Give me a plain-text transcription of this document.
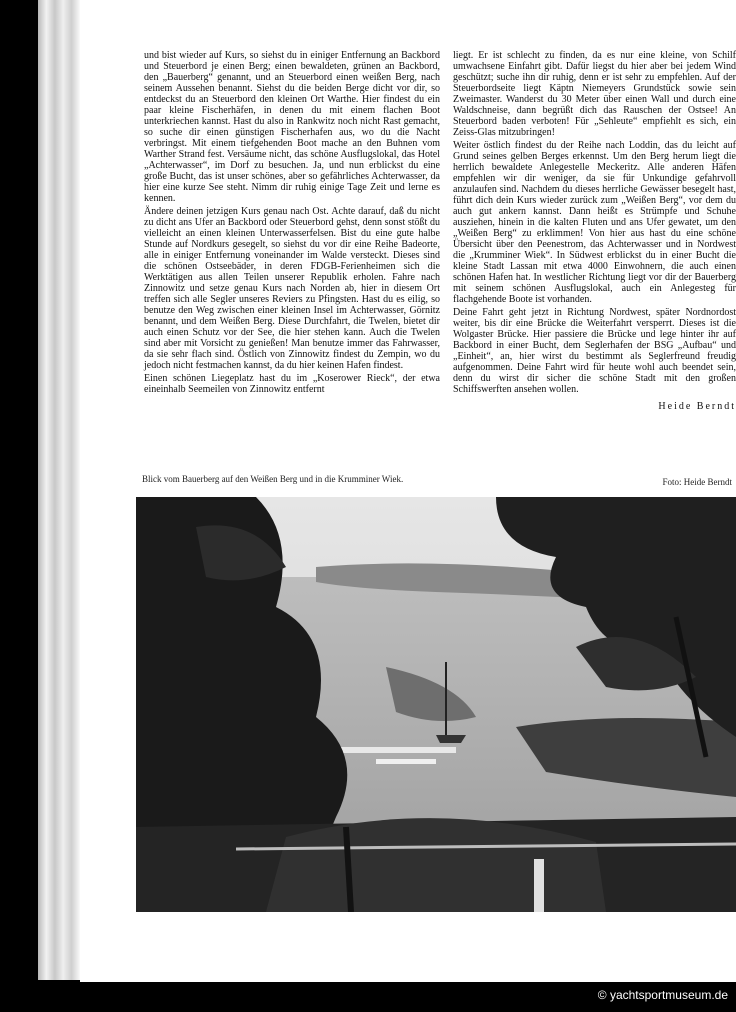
und bist wieder auf Kurs, so siehst du in einiger Entfernung an Backbord und Steuerbord je einen Berg; einen bewaldeten, grünen an Backbord, den „Bauerberg“ genannt, und an Steuerbord einen weißen Berg, nach seinem Aussehen benannt. Siehst du die beiden Berge dicht vor dir, so entdeckst du an Steuerbord den kleinen Ort Warthe. Hier findest du ein paar kleine Fischerhäfen, in denen du mit einem flachen Boot unterkriechen kannst. Hast du also in Rankwitz noch nicht Rast gemacht, so suche dir einen günstigen Fischerhafen aus, wo du die Nacht verbringst. Mit einem tiefgehenden Boot mache an den Buhnen vom Warther Strand fest. Versäume nicht, das schöne Ausflugslokal, das Hotel „Achterwasser“, im Dorf zu besuchen. Ja, und nun erblickst du eine große Bucht, das ist unser schönes, aber so gefährliches Achterwasser, da hier eine kurze See steht. Nimm dir ruhig einige Tage Zeit und lerne es kennen.

Ändere deinen jetzigen Kurs genau nach Ost. Achte darauf, daß du nicht zu dicht ans Ufer an Backbord oder Steuerbord gehst, denn sonst stößt du vielleicht an einen kleinen Unterwasserfelsen. Bist du eine gute halbe Stunde auf Nordkurs gesegelt, so siehst du vor dir eine Reihe Badeorte, alle in einiger Entfernung voneinander im Walde versteckt. Dieses sind die schönen Ostseebäder, in deren FDGB-Ferienheimen sich die Werktätigen aus allen Teilen unserer Republik erholen. Fahre nach Zinnowitz und setze genau Kurs nach Norden ab, hier in diesem Ort treffen sich alle Segler unseres Reviers zu Pfingsten. Hast du es eilig, so benutze den Weg zwischen einer kleinen Insel im Achterwasser, Görnitz benannt, und dem Weißen Berg. Diese Durchfahrt, die Twelen, bietet dir auch einen Schutz vor der See, die hier stehen kann. Auch die Twelen sind aber mit Vorsicht zu genießen! Man benutze immer das Fahrwasser, da sie sehr flach sind. Östlich von Zinnowitz findest du Zempin, wo du jedoch nicht festmachen kannst, da du hier keinen Hafen findest.

Einen schönen Liegeplatz hast du im „Koserower Rieck“, der etwa eineinhalb Seemeilen von Zinnowitz entfernt

liegt. Er ist schlecht zu finden, da es nur eine kleine, von Schilf umwachsene Einfahrt gibt. Dafür liegst du hier aber bei jedem Wind geschützt; suche ihn dir ruhig, denn er ist sehr zu empfehlen. Auf der Steuerbordseite liegt Käptn Niemeyers Grundstück sowie sein Zweimaster. Wanderst du 30 Meter über einen Wall und durch eine Waldschneise, dann begrüßt dich das Rauschen der Ostsee! An Steuerbord baden verboten! Für „Sehleute“ empfiehlt es sich, ein Zeiss-Glas mitzubringen!

Weiter östlich findest du der Reihe nach Loddin, das du leicht auf Grund seines gelben Berges erkennst. Um den Berg herum liegt die herrlich bewaldete Anlegestelle Meckeritz. Alle anderen Häfen empfehlen wir dir weniger, da sie für Unkundige gefahrvoll anzulaufen sind. Nachdem du dieses herrliche Gewässer besegelt hast, führt dich dein Kurs wieder zurück zum „Weißen Berg“, vor dem du auch gut ankern kannst. Dann heißt es Strümpfe und Schuhe ausziehen, hinein in die kalten Fluten und ans Ufer gewatet, um den „Weißen Berg“ zu erklimmen! Von hier aus hast du eine schöne Übersicht über den Peenestrom, das Achterwasser und in Nordwest die „Krumminer Wiek“. In Südwest erblickst du in einer Bucht die kleine Stadt Lassan mit etwa 4000 Einwohnern, die auch einen schönen Hafen hat. In westlicher Richtung liegt vor dir der Bauerberg mit seinem schönen Ausflugslokal, auch ein Anlegesteg für flachgehende Boote ist vorhanden.

Deine Fahrt geht jetzt in Richtung Nordwest, später Nordnordost weiter, bis dir eine Brücke die Weiterfahrt versperrt. Dieses ist die Wolgaster Brücke. Hier passiere die Brücke und lege hinter ihr auf Backbord in einer Bucht, dem Seglerhafen der BSG „Aufbau“ und „Einheit“, an, hier wirst du bestimmt als Seglerfreund freudig aufgenommen. Deine Fahrt wird für heute wohl auch beendet sein, denn du wirst dir sicher die schöne Stadt mit den großen Schiffswerften ansehen wollen.

Heide Berndt
Blick vom Bauerberg auf den Weißen Berg und in die Krumminer Wiek.	Foto: Heide Berndt
© yachtsportmuseum.de
